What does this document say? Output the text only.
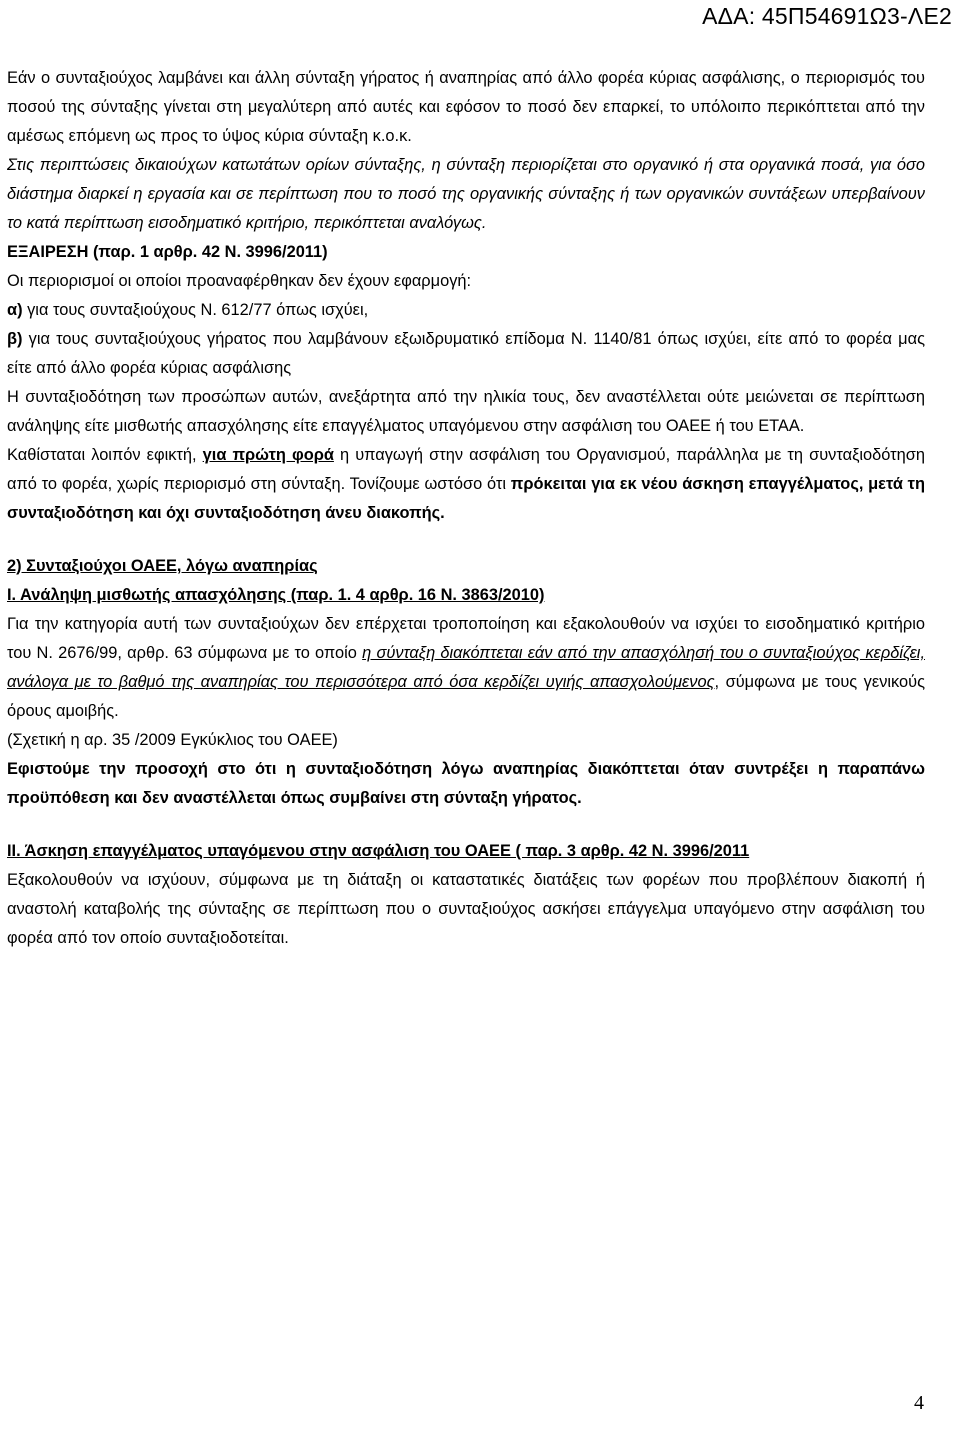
ΑΔΑ: 45Π54691Ω3-ΛΕ2

Εάν ο συνταξιούχος λαμβάνει και άλλη σύνταξη γήρατος ή αναπηρίας από άλλο φορέα κύριας ασφάλισης, ο περιορισμός του ποσού της σύνταξης γίνεται στη μεγαλύτερη από αυτές και εφόσον το ποσό δεν επαρκεί, το υπόλοιπο περικόπτεται από την αμέσως επόμενη ως προς το ύψος κύρια σύνταξη κ.ο.κ.

Στις περιπτώσεις δικαιούχων κατωτάτων ορίων σύνταξης, η σύνταξη περιορίζεται στο οργανικό ή στα οργανικά ποσά, για όσο διάστημα διαρκεί η εργασία και σε περίπτωση που το ποσό της οργανικής σύνταξης ή των οργανικών συντάξεων υπερβαίνουν το κατά περίπτωση εισοδηματικό κριτήριο, περικόπτεται αναλόγως.

ΕΞΑΙΡΕΣΗ (παρ. 1 αρθρ. 42 Ν. 3996/2011)

Οι περιορισμοί οι οποίοι προαναφέρθηκαν δεν έχουν εφαρμογή:

α) για τους συνταξιούχους Ν. 612/77 όπως ισχύει,

β) για τους συνταξιούχους γήρατος που λαμβάνουν εξωιδρυματικό επίδομα Ν. 1140/81 όπως ισχύει, είτε από το φορέα μας είτε από άλλο φορέα κύριας ασφάλισης

Η συνταξιοδότηση των προσώπων αυτών, ανεξάρτητα από την ηλικία τους, δεν αναστέλλεται ούτε μειώνεται σε περίπτωση ανάληψης είτε μισθωτής απασχόλησης είτε επαγγέλματος υπαγόμενου στην ασφάλιση του ΟΑΕΕ ή του ΕΤΑΑ.

Καθίσταται λοιπόν εφικτή, για πρώτη φορά η υπαγωγή στην ασφάλιση του Οργανισμού, παράλληλα με τη συνταξιοδότηση από το φορέα, χωρίς περιορισμό στη σύνταξη. Τονίζουμε ωστόσο ότι πρόκειται για εκ νέου άσκηση επαγγέλματος, μετά τη συνταξιοδότηση και όχι συνταξιοδότηση άνευ διακοπής.

2) Συνταξιούχοι ΟΑΕΕ, λόγω αναπηρίας

Ι. Ανάληψη μισθωτής απασχόλησης (παρ. 1. 4 αρθρ. 16 Ν. 3863/2010)

Για την κατηγορία αυτή των συνταξιούχων δεν επέρχεται τροποποίηση και εξακολουθούν να ισχύει το εισοδηματικό κριτήριο του Ν. 2676/99, αρθρ. 63 σύμφωνα με το οποίο η σύνταξη διακόπτεται εάν από την απασχόλησή του ο συνταξιούχος κερδίζει, ανάλογα με το βαθμό της αναπηρίας του περισσότερα από όσα κερδίζει υγιής απασχολούμενος, σύμφωνα με τους γενικούς όρους αμοιβής.

(Σχετική η αρ. 35 /2009 Εγκύκλιος του ΟΑΕΕ)

Εφιστούμε την προσοχή στο ότι η συνταξιοδότηση λόγω αναπηρίας διακόπτεται όταν συντρέξει η παραπάνω προϋπόθεση και δεν αναστέλλεται όπως συμβαίνει στη σύνταξη γήρατος.

ΙΙ. Άσκηση επαγγέλματος υπαγόμενου στην ασφάλιση του ΟΑΕΕ ( παρ. 3 αρθρ. 42 Ν. 3996/2011

Εξακολουθούν να ισχύουν, σύμφωνα με τη διάταξη οι καταστατικές διατάξεις των φορέων που προβλέπουν διακοπή ή αναστολή καταβολής της σύνταξης σε περίπτωση που ο συνταξιούχος ασκήσει επάγγελμα υπαγόμενο στην ασφάλιση του φορέα από τον οποίο συνταξιοδοτείται.

4
